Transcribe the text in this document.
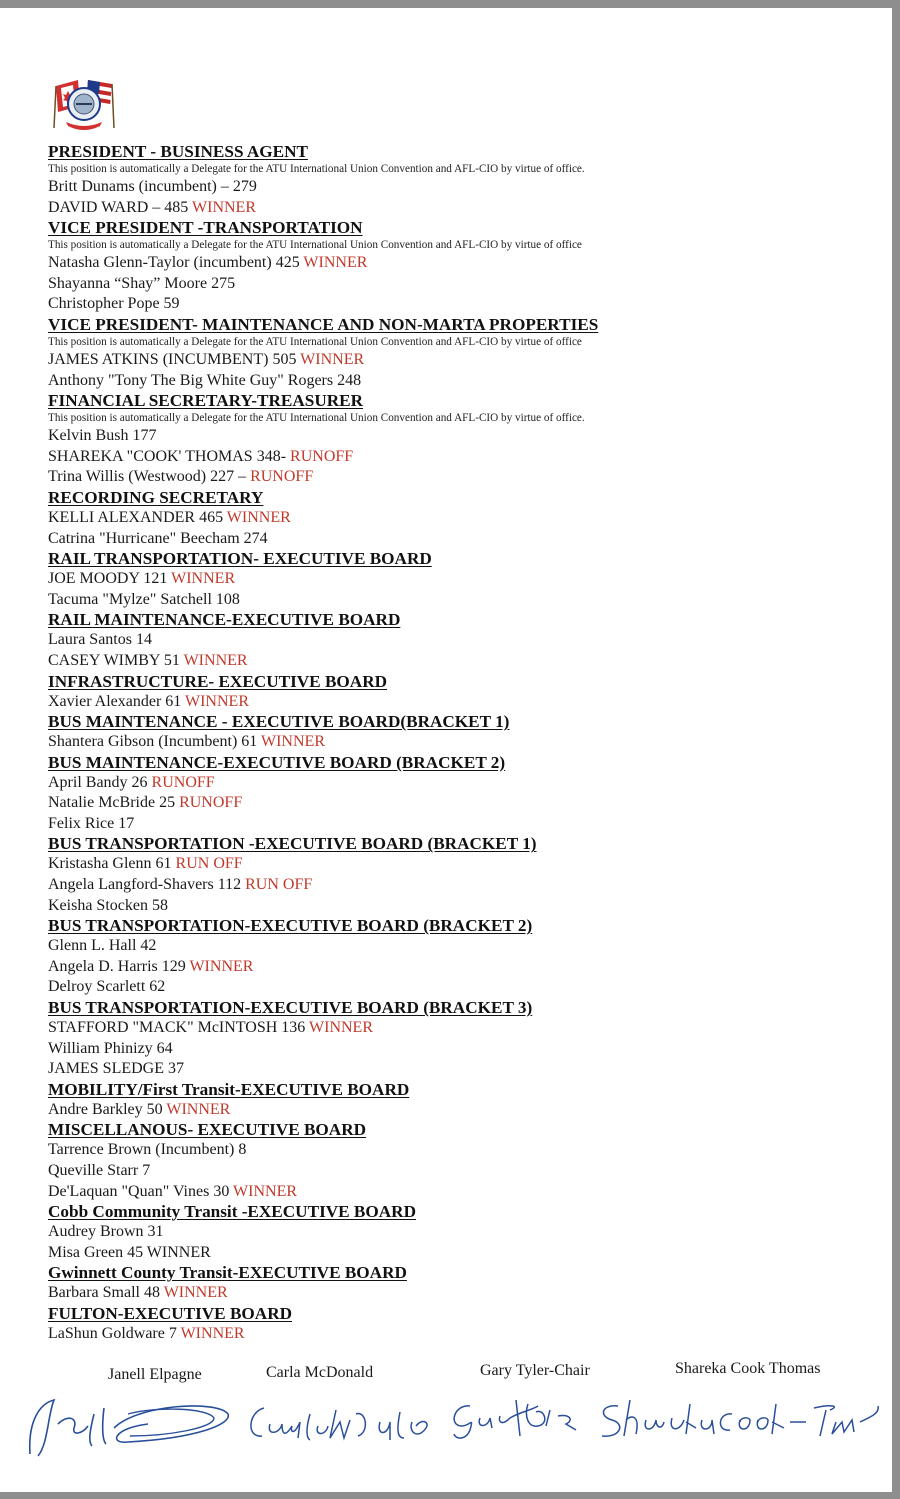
PRESIDENT - BUSINESS AGENT
This position is automatically a Delegate for the ATU International Union Convention and AFL-CIO by virtue of office.
Britt Dunams (incumbent) – 279
DAVID WARD – 485 WINNER
VICE PRESIDENT -TRANSPORTATION
This position is automatically a Delegate for the ATU International Union Convention and AFL-CIO by virtue of office
Natasha Glenn-Taylor (incumbent) 425 WINNER
Shayanna “Shay” Moore 275
Christopher Pope 59
VICE PRESIDENT- MAINTENANCE AND NON-MARTA PROPERTIES
This position is automatically a Delegate for the ATU International Union Convention and AFL-CIO by virtue of office
JAMES ATKINS (INCUMBENT) 505 WINNER
Anthony "Tony The Big White Guy" Rogers 248
FINANCIAL SECRETARY-TREASURER
This position is automatically a Delegate for the ATU International Union Convention and AFL-CIO by virtue of office.
Kelvin Bush 177
SHAREKA "COOK' THOMAS 348- RUNOFF
Trina Willis (Westwood) 227 – RUNOFF
RECORDING SECRETARY
KELLI ALEXANDER 465 WINNER
Catrina "Hurricane" Beecham 274
RAIL TRANSPORTATION- EXECUTIVE BOARD
JOE MOODY 121 WINNER
Tacuma "Mylze" Satchell 108
RAIL MAINTENANCE-EXECUTIVE BOARD
Laura Santos 14
CASEY WIMBY 51 WINNER
INFRASTRUCTURE- EXECUTIVE BOARD
Xavier Alexander 61 WINNER
BUS MAINTENANCE - EXECUTIVE BOARD(BRACKET 1)
Shantera Gibson (Incumbent) 61 WINNER
BUS MAINTENANCE-EXECUTIVE BOARD (BRACKET 2)
April Bandy 26 RUNOFF
Natalie McBride 25 RUNOFF
Felix Rice 17
BUS TRANSPORTATION -EXECUTIVE BOARD (BRACKET 1)
Kristasha Glenn 61 RUN OFF
Angela Langford-Shavers 112 RUN OFF
Keisha Stocken 58
BUS TRANSPORTATION-EXECUTIVE BOARD (BRACKET 2)
Glenn L. Hall 42
Angela D. Harris 129 WINNER
Delroy Scarlett 62
BUS TRANSPORTATION-EXECUTIVE BOARD (BRACKET 3)
STAFFORD "MACK" McINTOSH 136 WINNER
William Phinizy 64
JAMES SLEDGE 37
MOBILITY/First Transit-EXECUTIVE BOARD
Andre Barkley 50 WINNER
MISCELLANOUS- EXECUTIVE BOARD
Tarrence Brown (Incumbent) 8
Queville Starr 7
De'Laquan "Quan" Vines 30 WINNER
Cobb Community Transit -EXECUTIVE BOARD
Audrey Brown 31
Misa Green 45 WINNER
Gwinnett County Transit-EXECUTIVE BOARD
Barbara Small 48 WINNER
FULTON-EXECUTIVE BOARD
LaShun Goldware 7 WINNER
Janell Elpagne	Carla McDonald	Gary Tyler-Chair	Shareka Cook Thomas
